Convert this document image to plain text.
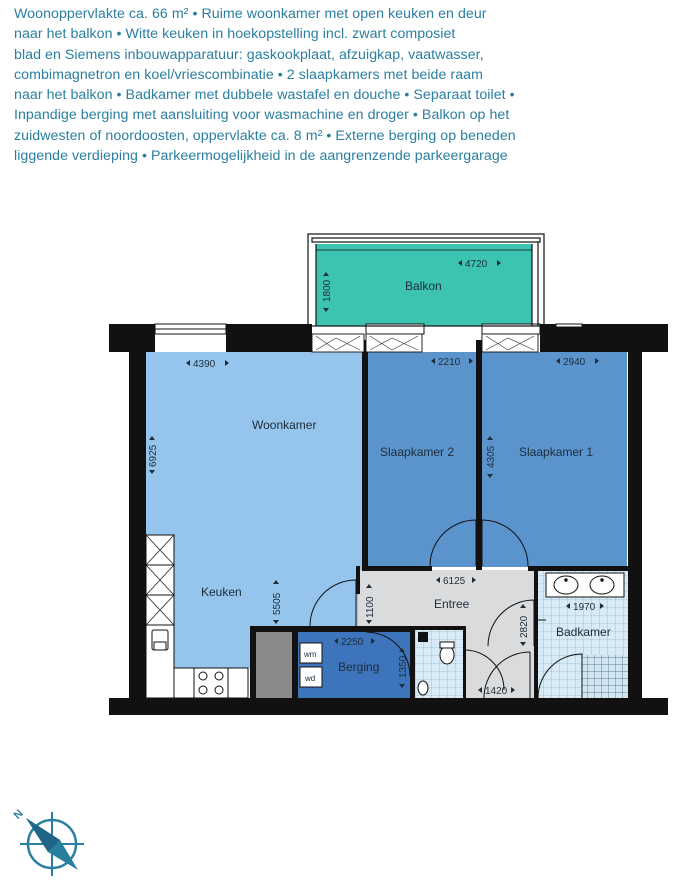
Woonoppervlakte ca. 66 m² • Ruime woonkamer met open keuken en deur
naar het balkon • Witte keuken in hoekopstelling incl. zwart composiet
blad en Siemens inbouwapparatuur: gaskookplaat, afzuigkap, vaatwasser,
combimagnetron en koel/vriescombinatie • 2 slaapkamers met beide raam
naar het balkon • Badkamer met dubbele wastafel en douche • Separaat toilet •
Inpandige berging met aansluiting voor wasmachine en droger • Balkon op het
zuidwesten of noordoosten, oppervlakte ca. 8 m² • Externe berging op beneden
liggende verdieping • Parkeermogelijkheid in de aangrenzende parkeergarage
Balkon
Woonkamer
Keuken
Slaapkamer 2	Slaapkamer 1
Entree
Badkamer
Berging
wm
wd
4720
4390	2210	2940
6125
1970
2250
1420
1800
6925	4305
5505	1100
2820
1350
N
